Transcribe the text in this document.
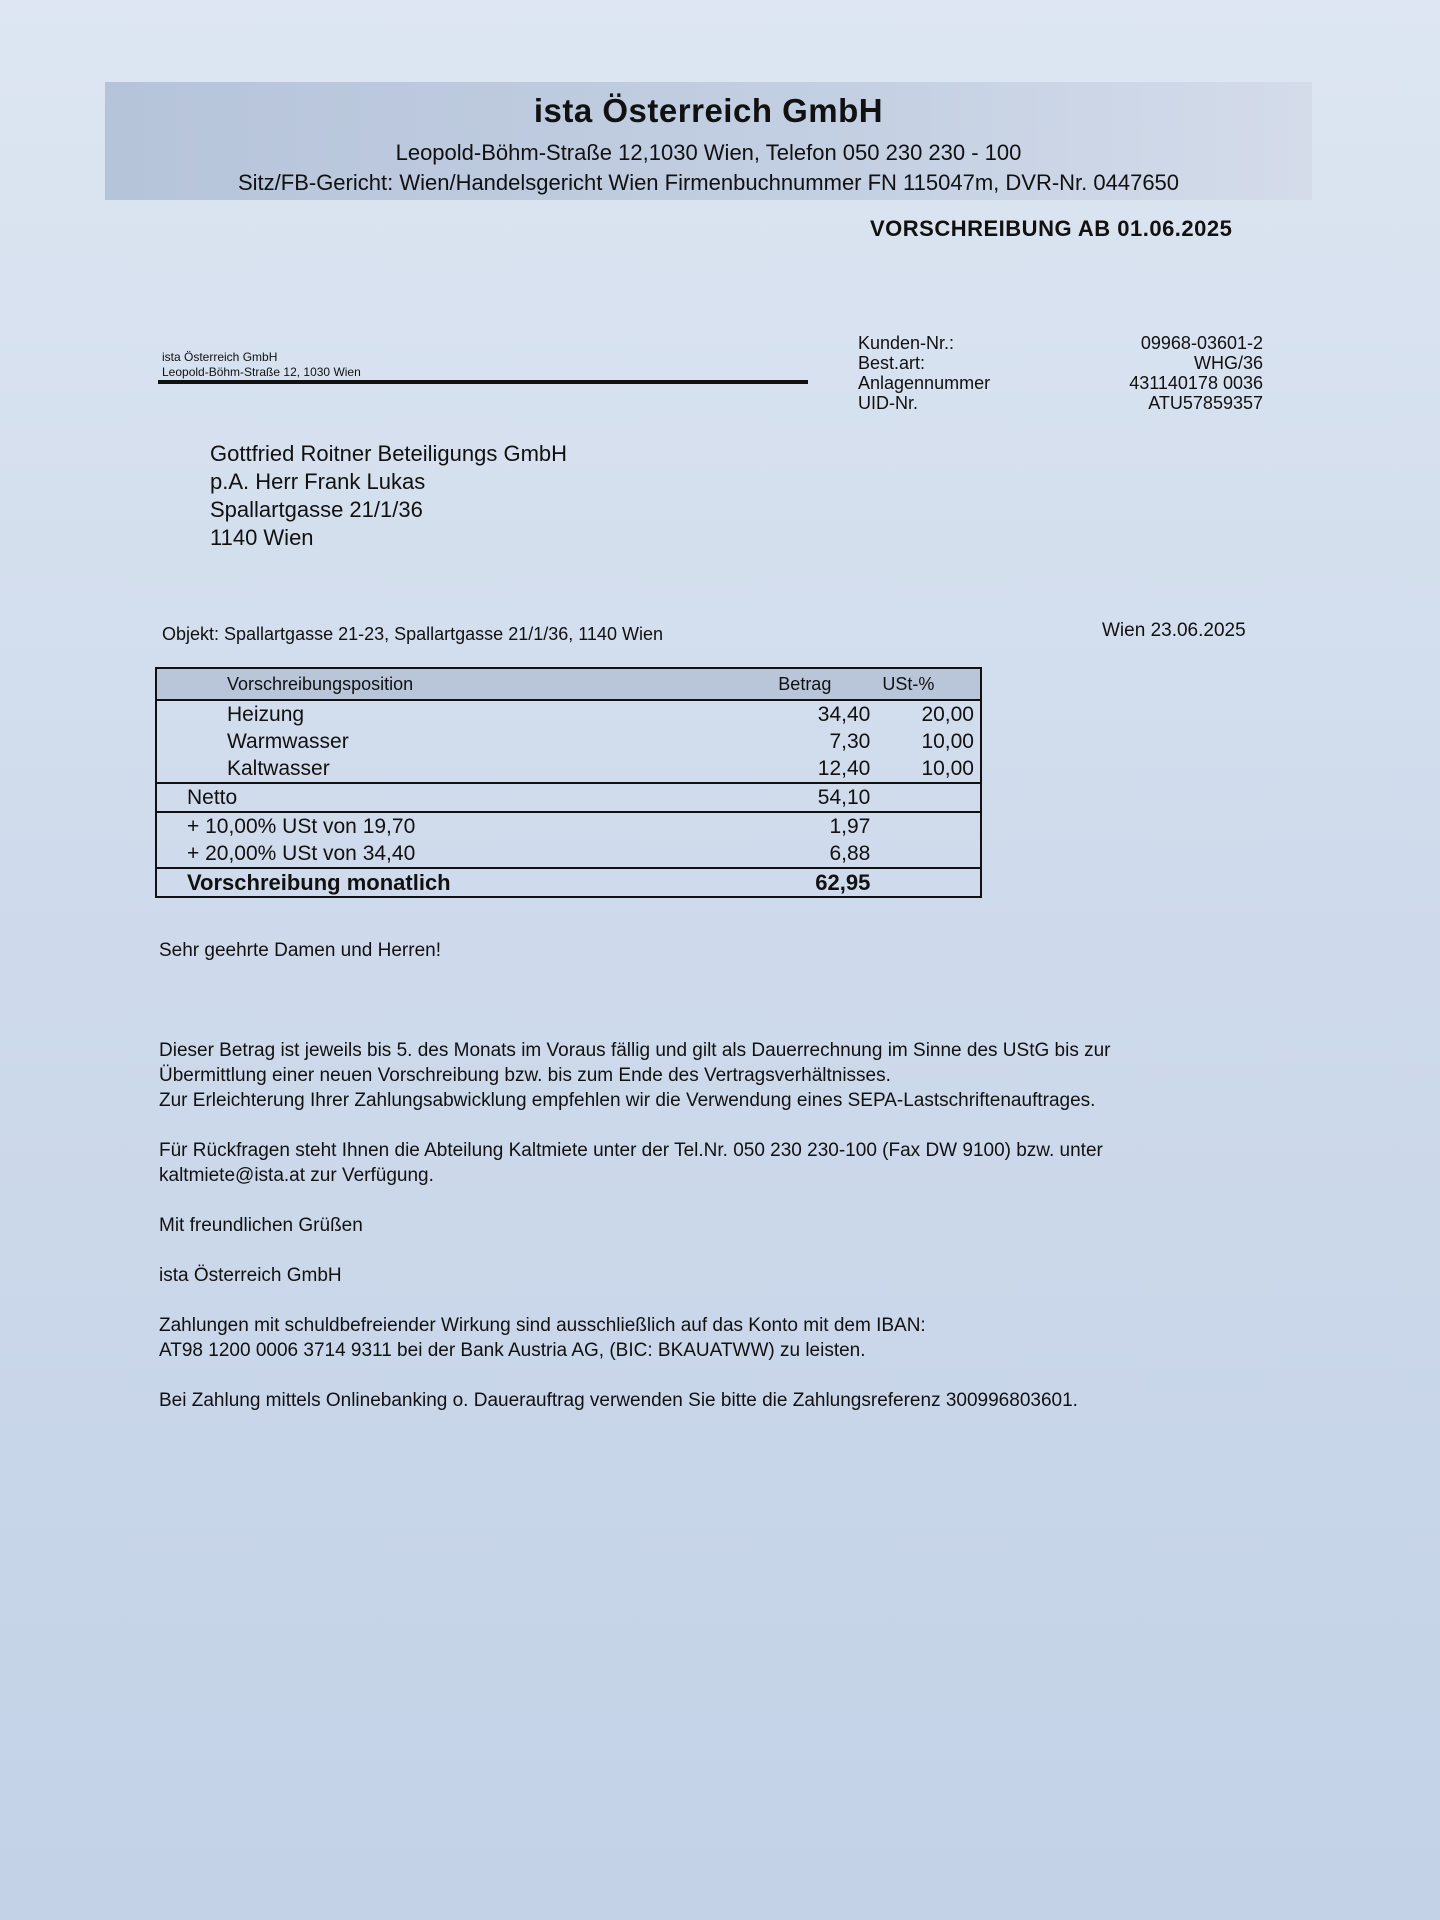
ista Österreich GmbH
Leopold-Böhm-Straße 12,1030 Wien, Telefon 050 230 230 - 100
Sitz/FB-Gericht: Wien/Handelsgericht Wien Firmenbuchnummer FN 115047m, DVR-Nr. 0447650
VORSCHREIBUNG AB 01.06.2025
ista Österreich GmbH
Leopold-Böhm-Straße 12, 1030 Wien
Kunden-Nr.:	09968-03601-2
Best.art:	WHG/36
Anlagennummer	431140178 0036
UID-Nr.	ATU57859357
Gottfried Roitner Beteiligungs GmbH
p.A. Herr Frank Lukas
Spallartgasse 21/1/36
1140 Wien
Objekt: Spallartgasse 21-23, Spallartgasse 21/1/36, 1140 Wien	Wien 23.06.2025
Vorschreibungsposition	Betrag	USt-%
Heizung	34,40	20,00
Warmwasser	7,30	10,00
Kaltwasser	12,40	10,00
Netto	54,10	
+ 10,00% USt von 19,70	1,97	
+ 20,00% USt von 34,40	6,88	
Vorschreibung monatlich	62,95	

Sehr geehrte Damen und Herren!

Dieser Betrag ist jeweils bis 5. des Monats im Voraus fällig und gilt als Dauerrechnung im Sinne des UStG bis zur

Übermittlung einer neuen Vorschreibung bzw. bis zum Ende des Vertragsverhältnisses.

Zur Erleichterung Ihrer Zahlungsabwicklung empfehlen wir die Verwendung eines SEPA-Lastschriftenauftrages.

Für Rückfragen steht Ihnen die Abteilung Kaltmiete unter der Tel.Nr. 050 230 230-100 (Fax DW 9100) bzw. unter

kaltmiete@ista.at zur Verfügung.

Mit freundlichen Grüßen

ista Österreich GmbH

Zahlungen mit schuldbefreiender Wirkung sind ausschließlich auf das Konto mit dem IBAN:

AT98 1200 0006 3714 9311 bei der Bank Austria AG, (BIC: BKAUATWW) zu leisten.

Bei Zahlung mittels Onlinebanking o. Dauerauftrag verwenden Sie bitte die Zahlungsreferenz 300996803601.
